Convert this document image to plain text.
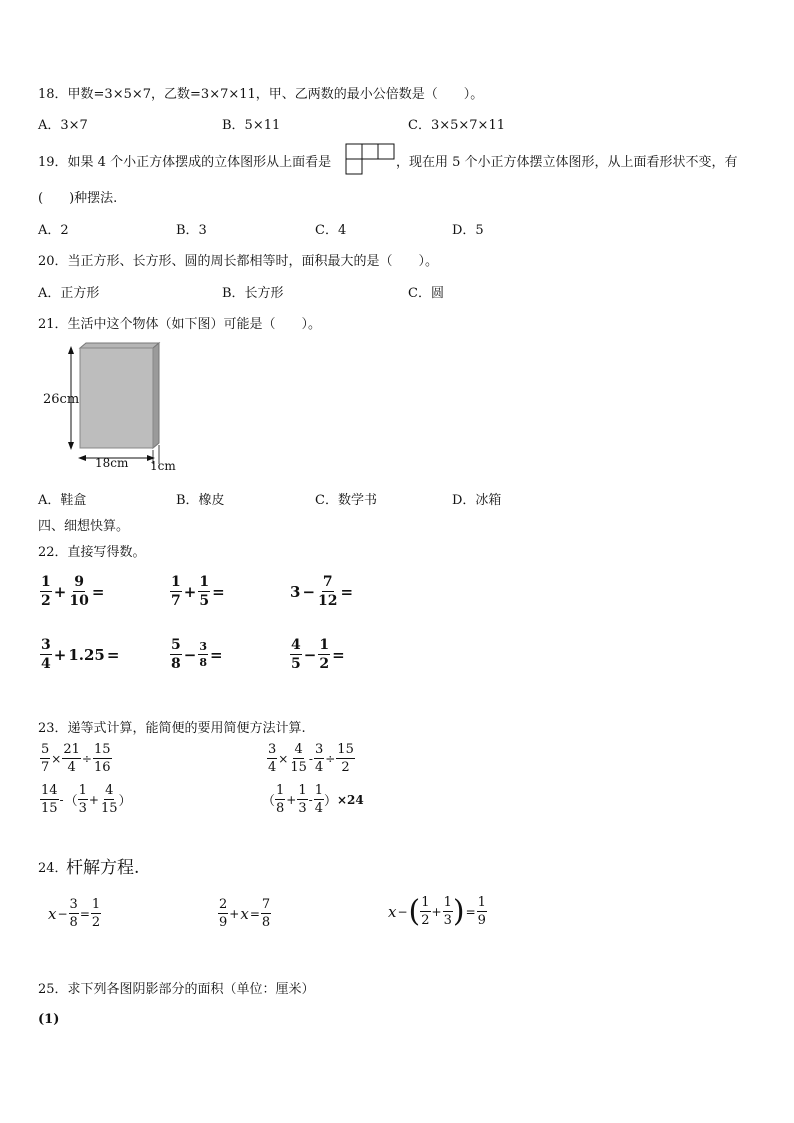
18．甲数=3×5×7，乙数=3×7×11，甲、乙两数的最小公倍数是（　　）。
A．3×7	B．5×11	C．3×5×7×11
19．如果 4 个小正方体摆成的立体图形从上面看是	，现在用 5 个小正方体摆立体图形，从上面看形状不变，有
(　　)种摆法.
A．2	B．3	C．4	D．5
20．当正方形、长方形、圆的周长都相等时，面积最大的是（　　）。
A．正方形	B．长方形	C．圆
21．生活中这个物体（如下图）可能是（　　）。
26cm
18cm 1cm
A．鞋盒	B．橡皮	C．数学书	D．冰箱
四、细想快算。
22．直接写得数。
$\frac{1}{2} + \frac{9}{10}$ =	$\frac{1}{7} + \frac{1}{5}$ =	$3 - \frac{7}{12}$ =
$\frac{3}{4} + 1.25$ =	$\frac{5}{8} - \frac{3}{8}$ =	$\frac{4}{5} - \frac{1}{2}$ =
23．递等式计算，能简便的要用简便方法计算.
$\frac{5}{7} \times \frac{21}{4} \div \frac{15}{16}$	$\frac{3}{4} \times \frac{4}{15} - \frac{3}{4} \div \frac{15}{2}$
$\frac{14}{15}$ - （ $\frac{1}{3} + \frac{4}{15}$ ）	（ $\frac{1}{8} + \frac{1}{3} - \frac{1}{4}$ ） ×24
24．
杆解方程.
$x - \frac{3}{8} = \frac{1}{2}$	$\frac{2}{9} + x = \frac{7}{8}$	x − ( $\frac{1}{2} + \frac{1}{3}$ ) = $\frac{1}{9}$
25．求下列各图阴影部分的面积（单位：厘米）
(1)
